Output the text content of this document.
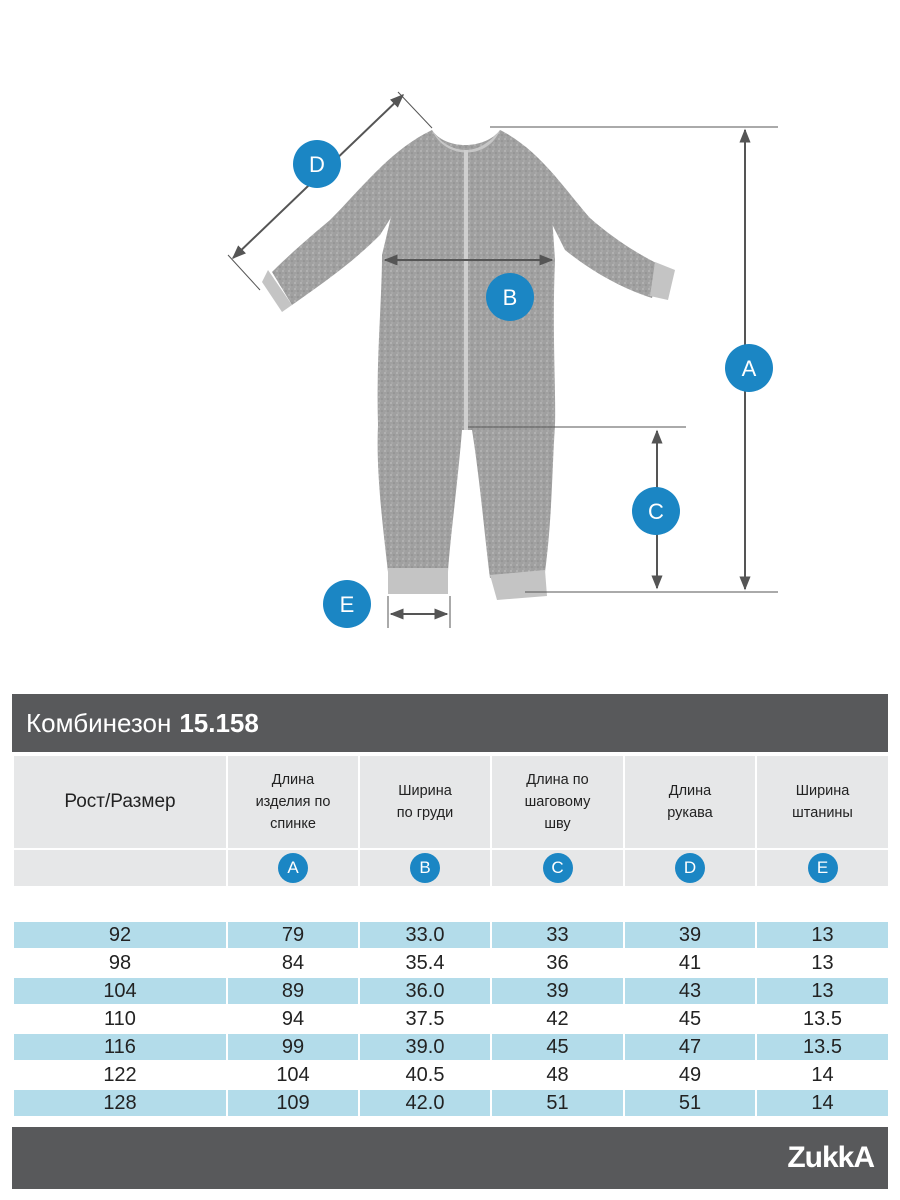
A
B
C
D
E
Комбинезон 15.158
Рост/Размер	Длина изделия по спинке	Ширина по груди	Длина по шаговому шву	Длина рукава	Ширина штанины

	A	B	C	D	E

92	79	33.0	33	39	13
98	84	35.4	36	41	13
104	89	36.0	39	43	13
110	94	37.5	42	45	13.5
116	99	39.0	45	47	13.5
122	104	40.5	48	49	14
128	109	42.0	51	51	14
ZukkA
